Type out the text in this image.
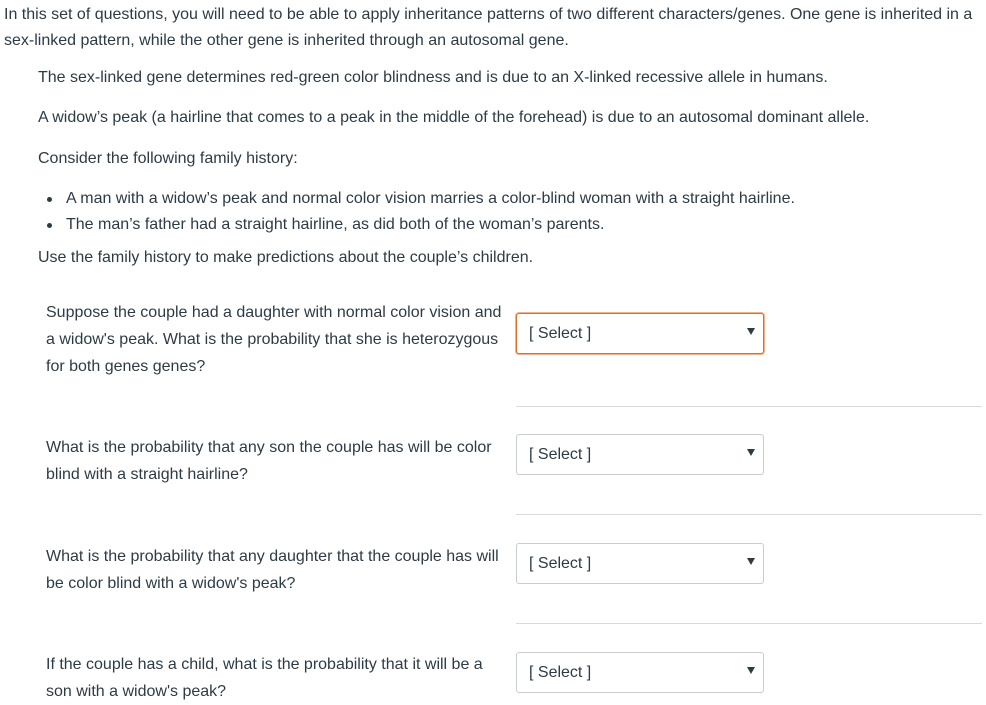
In this set of questions, you will need to be able to apply inheritance patterns of two different characters/genes. One gene is inherited in a sex-linked pattern, while the other gene is inherited through an autosomal gene.

The sex-linked gene determines red-green color blindness and is due to an X-linked recessive allele in humans.

A widow’s peak (a hairline that comes to a peak in the middle of the forehead) is due to an autosomal dominant allele.

Consider the following family history:

A man with a widow’s peak and normal color vision marries a color-blind woman with a straight hairline.
The man’s father had a straight hairline, as did both of the woman’s parents.

Use the family history to make predictions about the couple’s children.

Suppose the couple had a daughter with normal color vision and a widow's peak. What is the probability that she is heterozygous for both genes genes?

[ Select ]

What is the probability that any son the couple has will be color blind with a straight hairline?

[ Select ]

What is the probability that any daughter that the couple has will be color blind with a widow's peak?

[ Select ]

If the couple has a child, what is the probability that it will be a son with a widow's peak?

[ Select ]
